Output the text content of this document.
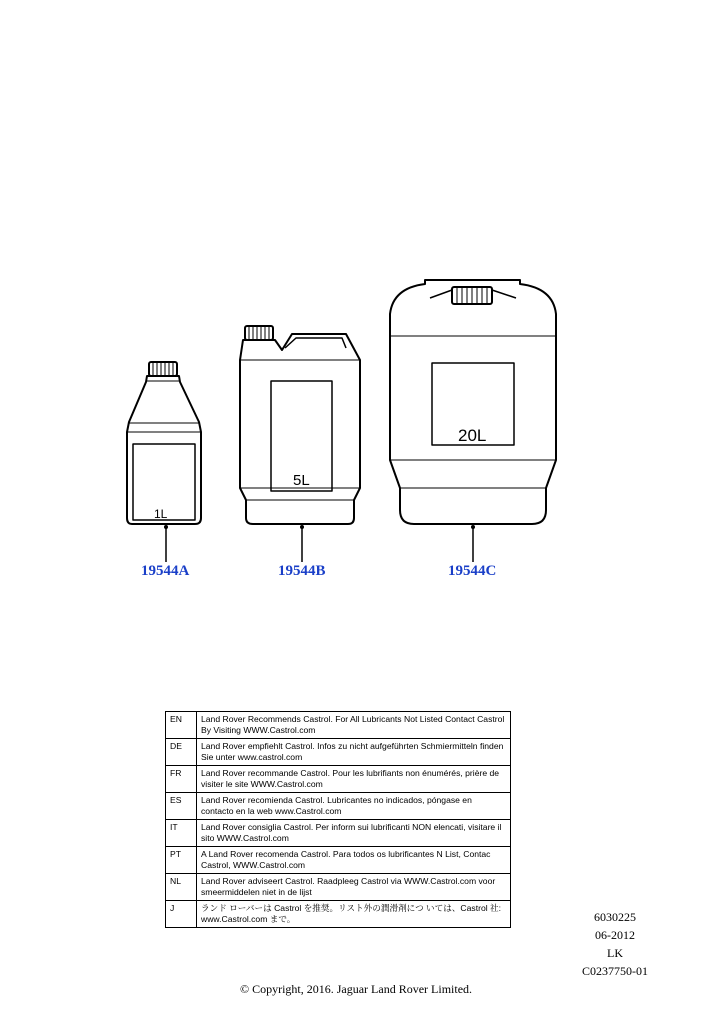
1L
5L
20L
19544A	19544B	19544C
EN	Land Rover Recommends Castrol. For All Lubricants Not Listed Contact Castrol By Visiting WWW.Castrol.com
DE	Land Rover empfiehlt Castrol. Infos zu nicht aufgeführten Schmiermitteln finden Sie unter www.castrol.com
FR	Land Rover recommande Castrol. Pour les lubrifiants non énumérés, prière de visiter le site WWW.Castrol.com
ES	Land Rover recomienda Castrol. Lubricantes no indicados, póngase en contacto en la web www.Castrol.com
IT	Land Rover consiglia Castrol. Per inform sui lubrificanti NON elencati, visitare il sito WWW.Castrol.com
PT	A Land Rover recomenda Castrol. Para todos os lubrificantes N List, Contac Castrol, WWW.Castrol.com
NL	Land Rover adviseert Castrol. Raadpleeg Castrol via WWW.Castrol.com voor smeermiddelen niet in de lijst
J	ランド ローバーは Castrol を推奨。リスト外の潤滑剤につ いては、Castrol 社: www.Castrol.com まで。	6030225
06-2012
LK
C0237750-01
© Copyright, 2016. Jaguar Land Rover Limited.
